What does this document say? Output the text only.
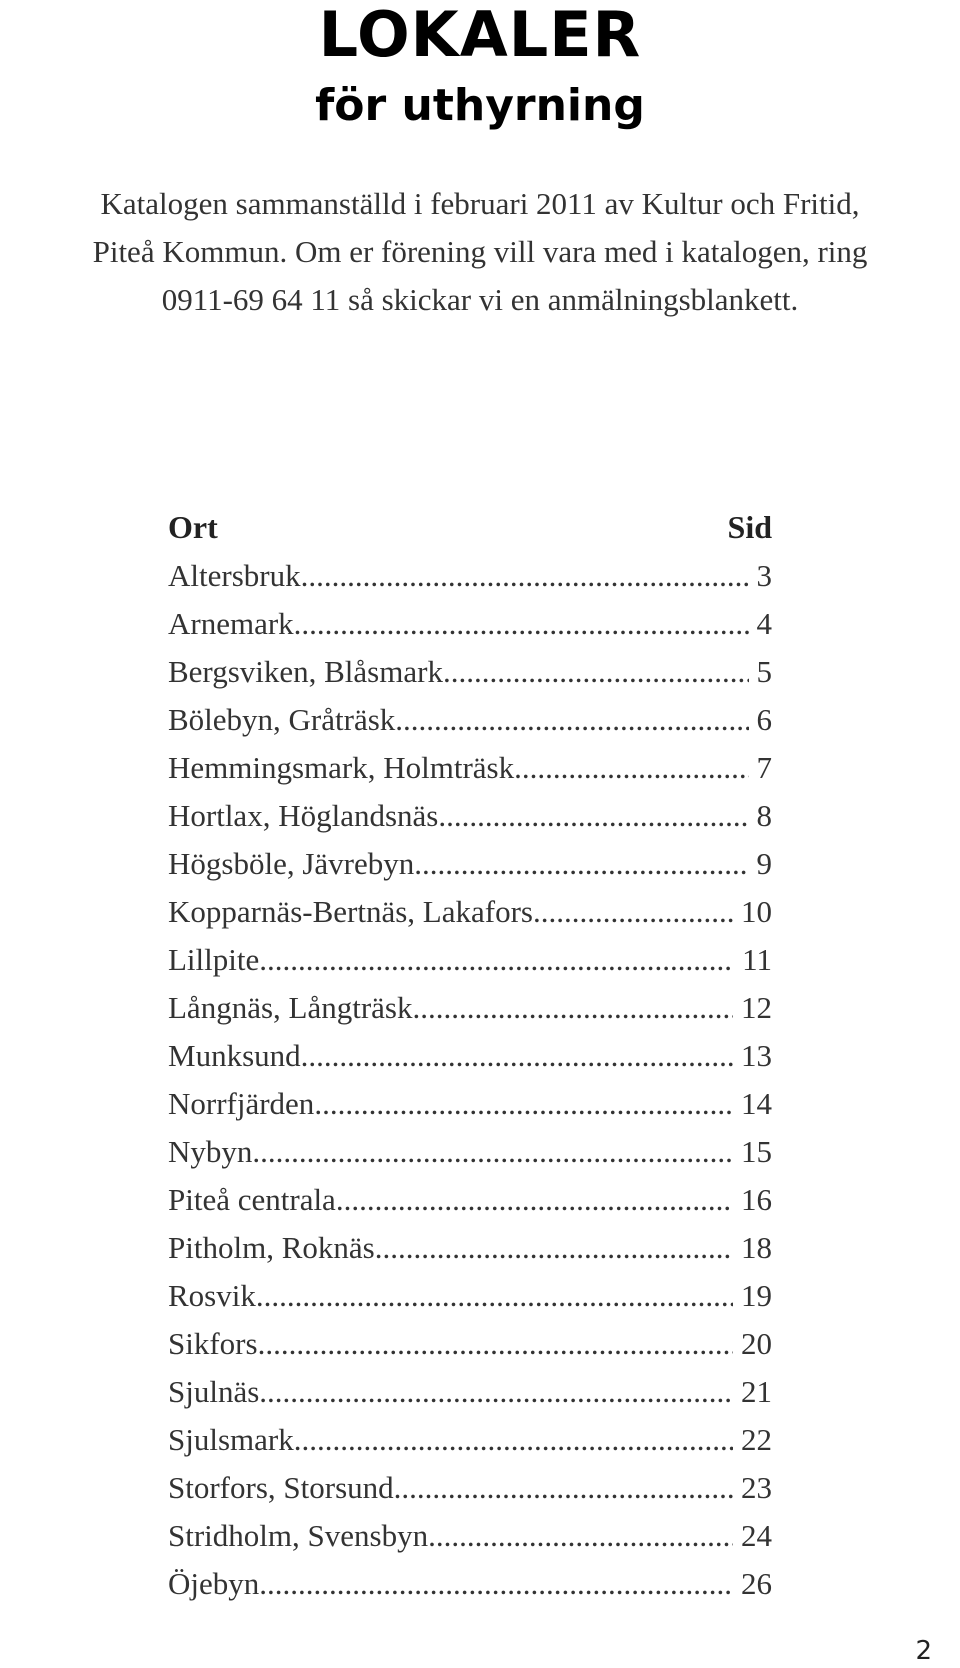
LOKALER
för uthyrning

Katalogen sammanställd i februari 2011 av Kultur och Fritid,

Piteå Kommun. Om er förening vill vara med i katalogen, ring

0911-69 64 11 så skickar vi en anmälningsblankett.

Ort	Sid
Altersbruk .....	3
Arnemark .....	4
Bergsviken, Blåsmark .....	5
Bölebyn, Gråträsk .....	6
Hemmingsmark, Holmträsk .....	7
Hortlax, Höglandsnäs .....	8
Högsböle, Jävrebyn .....	9
Kopparnäs-Bertnäs, Lakafors .....	10
Lillpite .....	11
Långnäs, Långträsk .....	12
Munksund .....	13
Norrfjärden .....	14
Nybyn .....	15
Piteå centrala .....	16
Pitholm, Roknäs .....	18
Rosvik .....	19
Sikfors .....	20
Sjulnäs .....	21
Sjulsmark .....	22
Storfors, Storsund .....	23
Stridholm, Svensbyn .....	24
Öjebyn .....	26
2
